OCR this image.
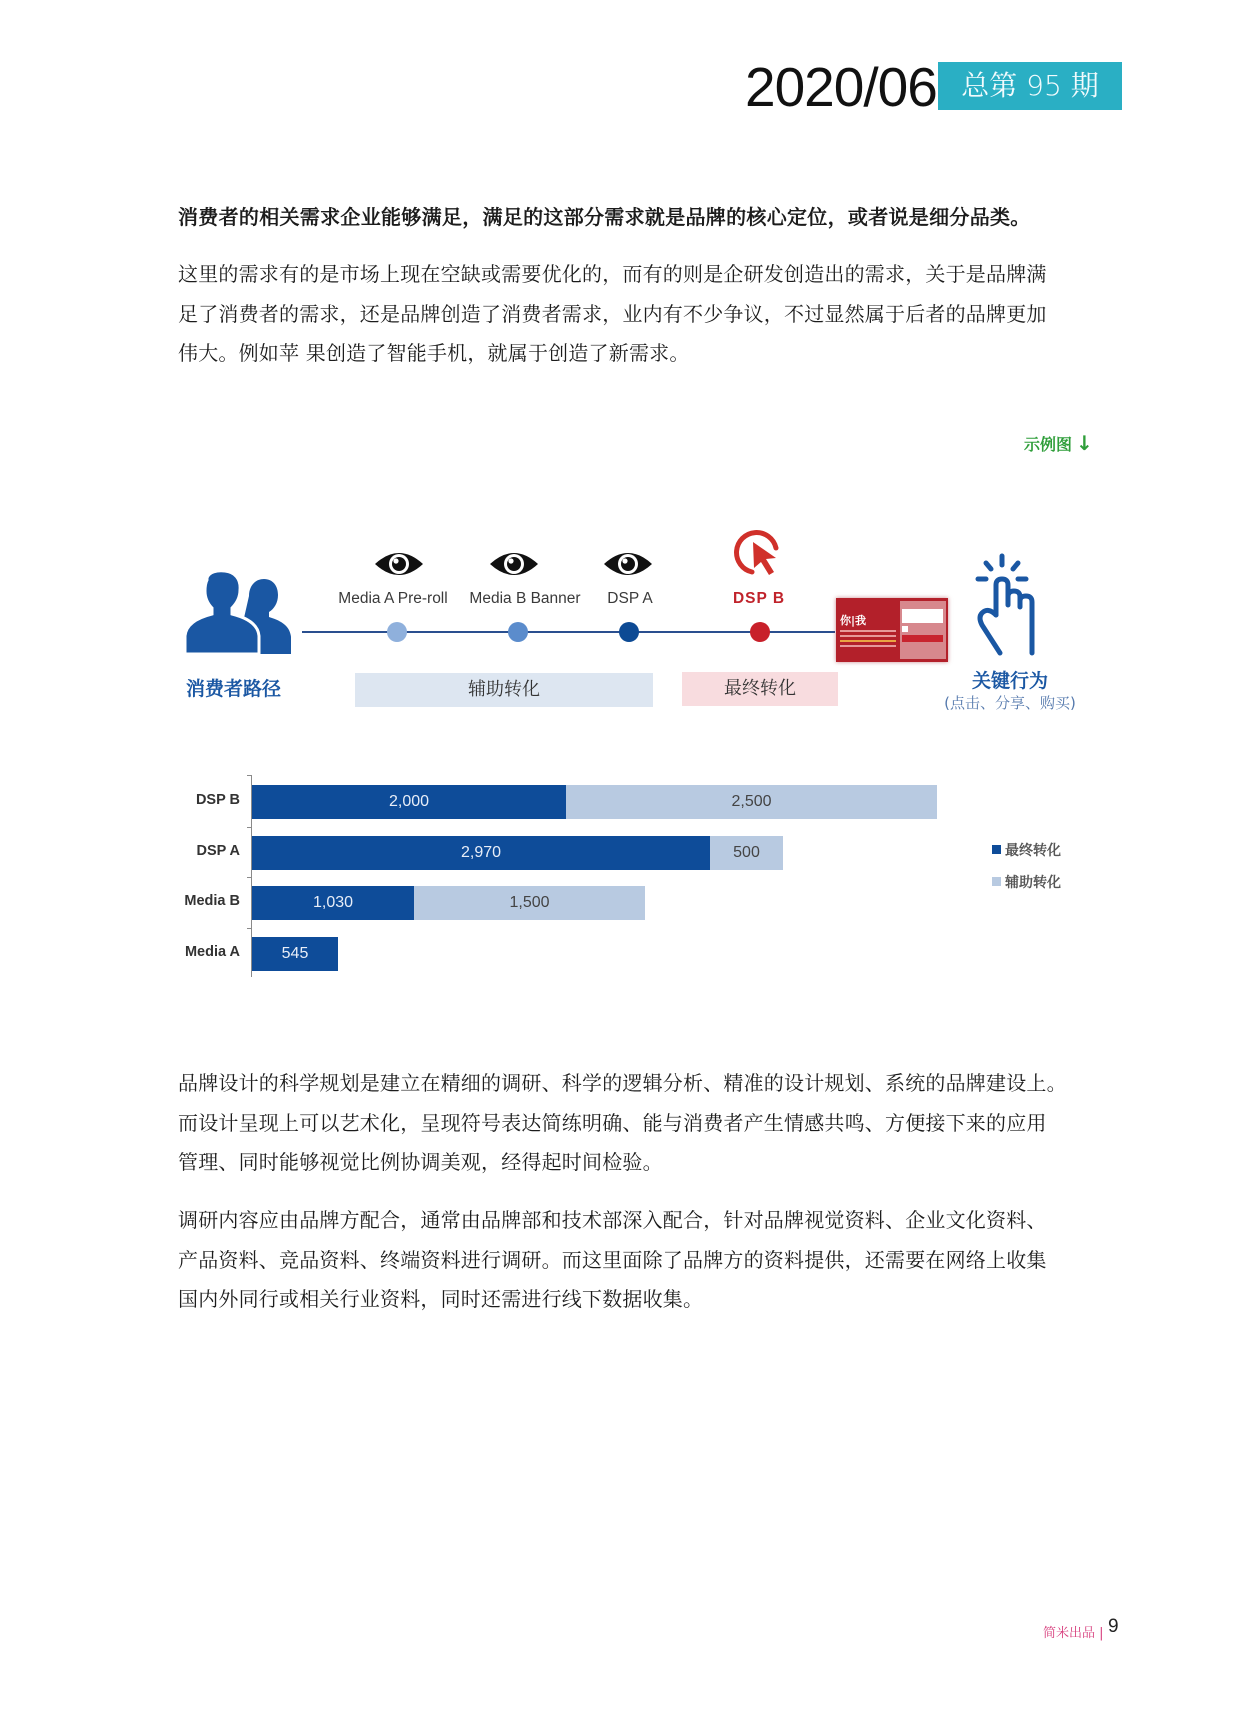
2020/06 总第 95 期
消费者的相关需求企业能够满足，满足的这部分需求就是品牌的核心定位，或者说是细分品类。
这里的需求有的是市场上现在空缺或需要优化的，而有的则是企研发创造出的需求，关于是品牌满
足了消费者的需求，还是品牌创造了消费者需求，业内有不少争议，不过显然属于后者的品牌更加
伟大。例如苹 果创造了智能手机，就属于创造了新需求。
示例图 ↓
消费者路径
Media A Pre-roll Media B Banner DSP A	DSP B
辅助转化	最终转化
你|我
关键行为
(点击、分享、购买)
DSP B
DSP A
Media B
Media A
2,000	2,500
2,970	500
1,030	1,500
545
最终转化
辅助转化
品牌设计的科学规划是建立在精细的调研、科学的逻辑分析、精准的设计规划、系统的品牌建设上。
而设计呈现上可以艺术化，呈现符号表达简练明确、能与消费者产生情感共鸣、方便接下来的应用
管理、同时能够视觉比例协调美观，经得起时间检验。
调研内容应由品牌方配合，通常由品牌部和技术部深入配合，针对品牌视觉资料、企业文化资料、
产品资料、竞品资料、终端资料进行调研。而这里面除了品牌方的资料提供，还需要在网络上收集
国内外同行或相关行业资料，同时还需进行线下数据收集。
简米出品 | 9
